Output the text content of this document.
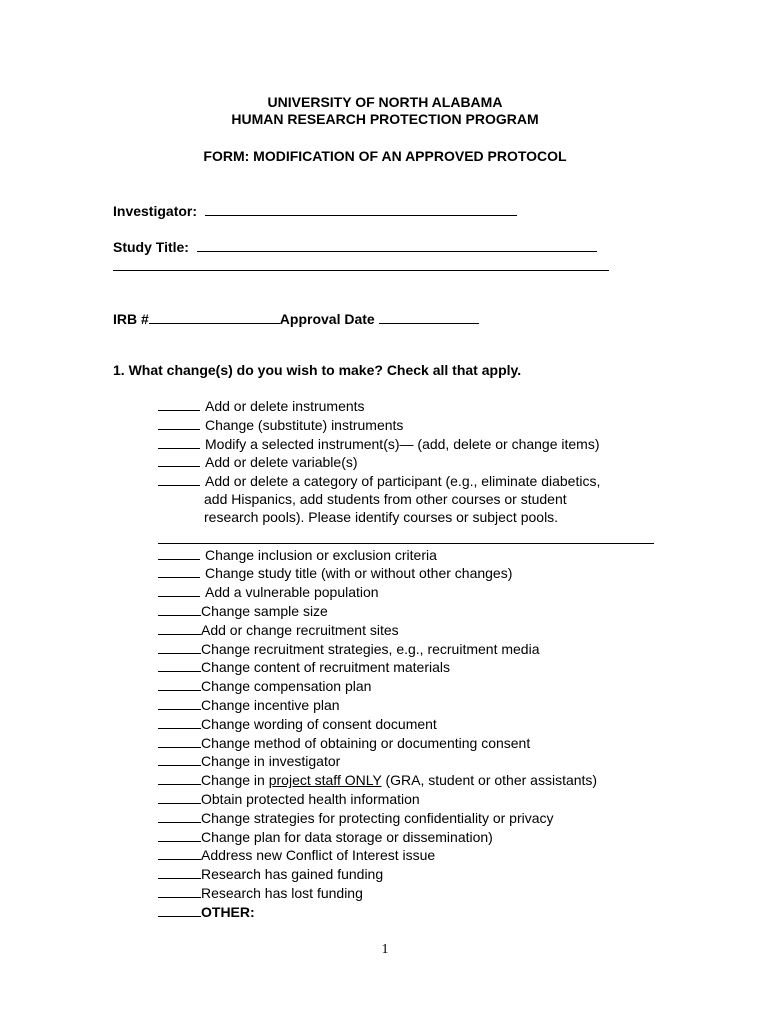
UNIVERSITY OF NORTH ALABAMA
HUMAN RESEARCH PROTECTION PROGRAM
FORM: MODIFICATION OF AN APPROVED PROTOCOL
Investigator:
Study Title:
IRB #	Approval Date
1. What change(s) do you wish to make? Check all that apply.
Add or delete instruments
Change (substitute) instruments
Modify a selected instrument(s)— (add, delete or change items)
Add or delete variable(s)
Add or delete a category of participant (e.g., eliminate diabetics,
add Hispanics, add students from other courses or student
research pools). Please identify courses or subject pools.
Change inclusion or exclusion criteria
Change study title (with or without other changes)
Add a vulnerable population
Change sample size
Add or change recruitment sites
Change recruitment strategies, e.g., recruitment media
Change content of recruitment materials
Change compensation plan
Change incentive plan
Change wording of consent document
Change method of obtaining or documenting consent
Change in investigator
Change in project staff ONLY (GRA, student or other assistants)
Obtain protected health information
Change strategies for protecting confidentiality or privacy
Change plan for data storage or dissemination)
Address new Conflict of Interest issue
Research has gained funding
Research has lost funding
OTHER:
1
